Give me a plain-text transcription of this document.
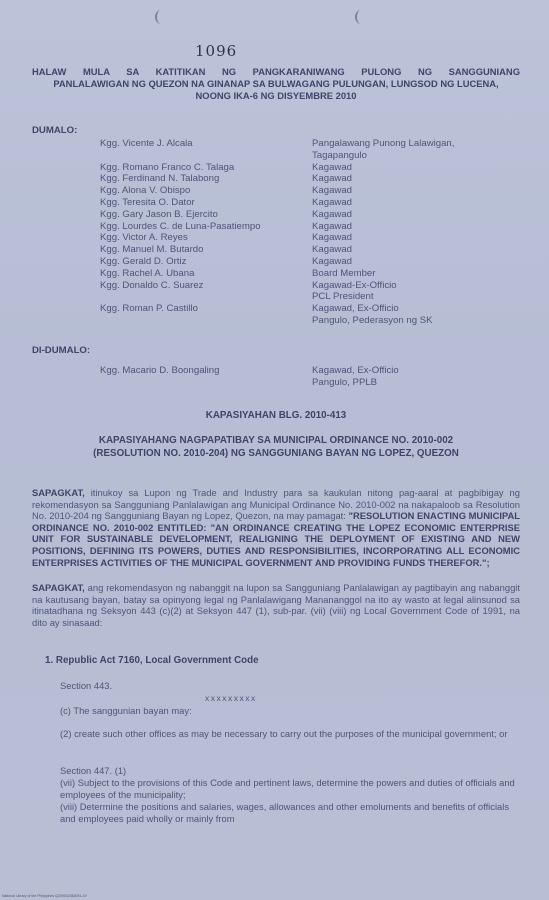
1096
HALAW MULA SA KATITIKAN NG PANGKARANIWANG PULONG NG SANGGUNIANG
PANLALAWIGAN NG QUEZON NA GINANAP SA BULWAGANG PULUNGAN, LUNGSOD NG LUCENA,
NOONG IKA-6 NG DISYEMBRE 2010
DUMALO:
Kgg. Vicente J. Alcala	Pangalawang Punong Lalawigan,
Tagapangulo
Kgg. Romano Franco C. Talaga	Kagawad
Kgg. Ferdinand N. Talabong	Kagawad
Kgg. Alona V. Obispo	Kagawad
Kgg. Teresita O. Dator	Kagawad
Kgg. Gary Jason B. Ejercito	Kagawad
Kgg. Lourdes C. de Luna-Pasatiempo	Kagawad
Kgg. Victor A. Reyes	Kagawad
Kgg. Manuel M. Butardo	Kagawad
Kgg. Gerald D. Ortiz	Kagawad
Kgg. Rachel A. Ubana	Board Member
Kgg. Donaldo C. Suarez	Kagawad-Ex-Officio
PCL President
Kgg. Roman P. Castillo	Kagawad, Ex-Officio
Pangulo, Pederasyon ng SK
DI-DUMALO:
Kgg. Macario D. Boongaling	Kagawad, Ex-Officio
Pangulo, PPLB
KAPASIYAHAN BLG. 2010-413
KAPASIYAHANG NAGPAPATIBAY SA MUNICIPAL ORDINANCE NO. 2010-002
(RESOLUTION NO. 2010-204) NG SANGGUNIANG BAYAN NG LOPEZ, QUEZON
SAPAGKAT, itinukoy sa Lupon ng Trade and Industry para sa kaukulan nitong pag-aaral at pagbibigay ng rekomendasyon sa Sangguniang Panlalawigan ang Municipal Ordinance No. 2010-002 na nakapaloob sa Resolution No. 2010-204 ng Sangguniang Bayan ng Lopez, Quezon, na may pamagat: "RESOLUTION ENACTING MUNICIPAL ORDINANCE NO. 2010-002 ENTITLED: "AN ORDINANCE CREATING THE LOPEZ ECONOMIC ENTERPRISE UNIT FOR SUSTAINABLE DEVELOPMENT, REALIGNING THE DEPLOYMENT OF EXISTING AND NEW POSITIONS, DEFINING ITS POWERS, DUTIES AND RESPONSIBILITIES, INCORPORATING ALL ECONOMIC ENTERPRISES ACTIVITIES OF THE MUNICIPAL GOVERNMENT AND PROVIDING FUNDS THEREFOR.";
SAPAGKAT, ang rekomendasyon ng nabanggit na lupon sa Sangguniang Panlalawigan ay pagtibayin ang nabanggit na kautusang bayan, batay sa opinyong legal ng Panlalawigang Manananggol na ito ay wasto at legal alinsunod sa itinatadhana ng Seksyon 443 (c)(2) at Seksyon 447 (1), sub-par. (vii) (viii) ng Local Government Code of 1991, na dito ay sinasaad:
1. Republic Act 7160, Local Government Code
Section 443.
xxxxxxxxx
(c) The sanggunian bayan may:
(2) create such other offices as may be necessary to carry out the purposes of the municipal government; or
Section 447. (1)
(vii) Subject to the provisions of this Code and pertinent laws, determine the powers and duties of officials and employees of the municipality;
(viii) Determine the positions and salaries, wages, allowances and other emoluments and benefits of officials and employees paid wholly or mainly from
National Library of the Philippines QZ09002383051-19
